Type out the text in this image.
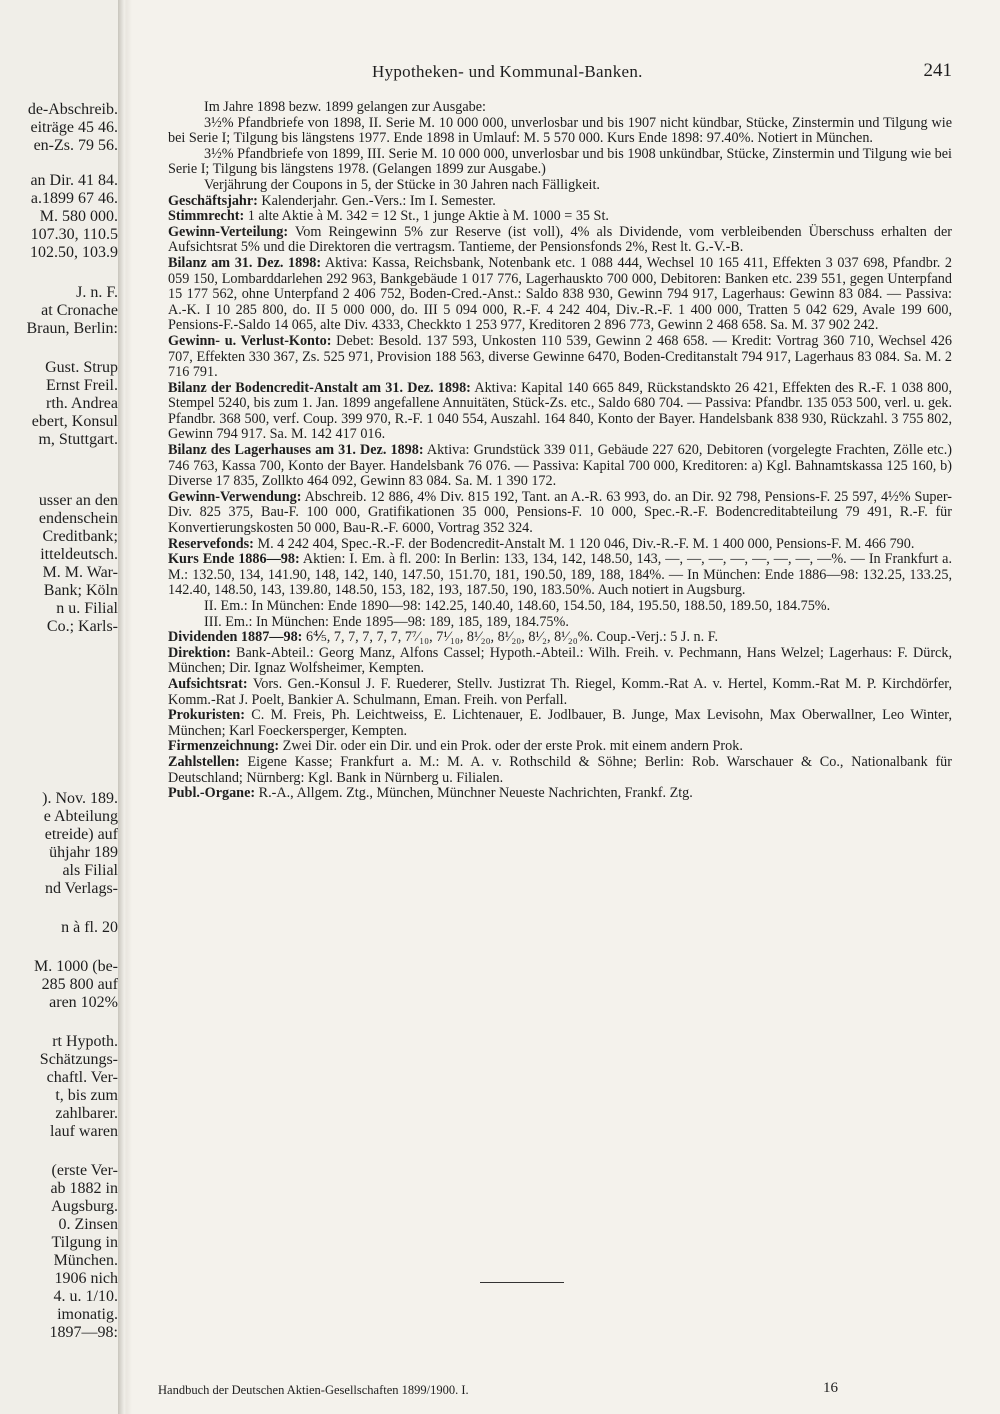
de-Abschreib.
eiträge 45 46.
en-Zs. 79 56.
an Dir. 41 84.
a.1899 67 46.
M. 580 000.
107.30, 110.5
102.50, 103.9
J. n. F.
at Cronache
Braun, Berlin:
Gust. Strup
Ernst Freil.
rth. Andrea
ebert, Konsul
m, Stuttgart.
usser an den
endenschein
Creditbank;
itteldeutsch.
M. M. War-
Bank; Köln
n u. Filial
Co.; Karls-
). Nov. 189.
e Abteilung
etreide) auf
ühjahr 189
als Filial
nd Verlags-
n à fl. 20
M. 1000 (be-
285 800 auf
aren 102%
rt Hypoth.
Schätzungs-
chaftl. Ver-
t, bis zum
zahlbarer.
lauf waren
(erste Ver-
ab 1882 in
Augsburg.
0. Zinsen
Tilgung in
München.
1906 nich
4. u. 1/10.
imonatig.
1897—98:
Hypotheken- und Kommunal-Banken.	241

Im Jahre 1898 bezw. 1899 gelangen zur Ausgabe:

3½% Pfandbriefe von 1898, II. Serie M. 10 000 000, unverlosbar und bis 1907 nicht kündbar, Stücke, Zinstermin und Tilgung wie bei Serie I; Tilgung bis längstens 1977. Ende 1898 in Umlauf: M. 5 570 000. Kurs Ende 1898: 97.40%. Notiert in München.

3½% Pfandbriefe von 1899, III. Serie M. 10 000 000, unverlosbar und bis 1908 unkündbar, Stücke, Zinstermin und Tilgung wie bei Serie I; Tilgung bis längstens 1978. (Gelangen 1899 zur Ausgabe.)

Verjährung der Coupons in 5, der Stücke in 30 Jahren nach Fälligkeit.

Geschäftsjahr: Kalenderjahr. Gen.-Vers.: Im I. Semester.

Stimmrecht: 1 alte Aktie à M. 342 = 12 St., 1 junge Aktie à M. 1000 = 35 St.

Gewinn-Verteilung: Vom Reingewinn 5% zur Reserve (ist voll), 4% als Dividende, vom verbleibenden Überschuss erhalten der Aufsichtsrat 5% und die Direktoren die vertragsm. Tantieme, der Pensionsfonds 2%, Rest lt. G.-V.-B.

Bilanz am 31. Dez. 1898: Aktiva: Kassa, Reichsbank, Notenbank etc. 1 088 444, Wechsel 10 165 411, Effekten 3 037 698, Pfandbr. 2 059 150, Lombarddarlehen 292 963, Bankgebäude 1 017 776, Lagerhauskto 700 000, Debitoren: Banken etc. 239 551, gegen Unterpfand 15 177 562, ohne Unterpfand 2 406 752, Boden-Cred.-Anst.: Saldo 838 930, Gewinn 794 917, Lagerhaus: Gewinn 83 084. — Passiva: A.-K. I 10 285 800, do. II 5 000 000, do. III 5 094 000, R.-F. 4 242 404, Div.-R.-F. 1 400 000, Tratten 5 042 629, Avale 199 600, Pensions-F.-Saldo 14 065, alte Div. 4333, Checkkto 1 253 977, Kreditoren 2 896 773, Gewinn 2 468 658. Sa. M. 37 902 242.

Gewinn- u. Verlust-Konto: Debet: Besold. 137 593, Unkosten 110 539, Gewinn 2 468 658. — Kredit: Vortrag 360 710, Wechsel 426 707, Effekten 330 367, Zs. 525 971, Provision 188 563, diverse Gewinne 6470, Boden-Creditanstalt 794 917, Lagerhaus 83 084. Sa. M. 2 716 791.

Bilanz der Bodencredit-Anstalt am 31. Dez. 1898: Aktiva: Kapital 140 665 849, Rückstandskto 26 421, Effekten des R.-F. 1 038 800, Stempel 5240, bis zum 1. Jan. 1899 angefallene Annuitäten, Stück-Zs. etc., Saldo 680 704. — Passiva: Pfandbr. 135 053 500, verl. u. gek. Pfandbr. 368 500, verf. Coup. 399 970, R.-F. 1 040 554, Auszahl. 164 840, Konto der Bayer. Handelsbank 838 930, Rückzahl. 3 755 802, Gewinn 794 917. Sa. M. 142 417 016.

Bilanz des Lagerhauses am 31. Dez. 1898: Aktiva: Grundstück 339 011, Gebäude 227 620, Debitoren (vorgelegte Frachten, Zölle etc.) 746 763, Kassa 700, Konto der Bayer. Handelsbank 76 076. — Passiva: Kapital 700 000, Kreditoren: a) Kgl. Bahnamtskassa 125 160, b) Diverse 17 835, Zollkto 464 092, Gewinn 83 084. Sa. M. 1 390 172.

Gewinn-Verwendung: Abschreib. 12 886, 4% Div. 815 192, Tant. an A.-R. 63 993, do. an Dir. 92 798, Pensions-F. 25 597, 4½% Super-Div. 825 375, Bau-F. 100 000, Gratifikationen 35 000, Pensions-F. 10 000, Spec.-R.-F. Bodencreditabteilung 79 491, R.-F. für Konvertierungskosten 50 000, Bau-R.-F. 6000, Vortrag 352 324.

Reservefonds: M. 4 242 404, Spec.-R.-F. der Bodencredit-Anstalt M. 1 120 046, Div.-R.-F. M. 1 400 000, Pensions-F. M. 466 790.

Kurs Ende 1886—98: Aktien: I. Em. à fl. 200: In Berlin: 133, 134, 142, 148.50, 143, —, —, —, —, —, —, —, —%. — In Frankfurt a. M.: 132.50, 134, 141.90, 148, 142, 140, 147.50, 151.70, 181, 190.50, 189, 188, 184%. — In München: Ende 1886—98: 132.25, 133.25, 142.40, 148.50, 143, 139.80, 148.50, 153, 182, 193, 187.50, 190, 183.50%. Auch notiert in Augsburg.

II. Em.: In München: Ende 1890—98: 142.25, 140.40, 148.60, 154.50, 184, 195.50, 188.50, 189.50, 184.75%.

III. Em.: In München: Ende 1895—98: 189, 185, 189, 184.75%.

Dividenden 1887—98: 6⅘, 7, 7, 7, 7, 7, 7⁷⁄₁₀, 7¹⁄₁₀, 8¹⁄₂₀, 8¹⁄₂₀, 8¹⁄₂, 8¹⁄₂₀%. Coup.-Verj.: 5 J. n. F.

Direktion: Bank-Abteil.: Georg Manz, Alfons Cassel; Hypoth.-Abteil.: Wilh. Freih. v. Pechmann, Hans Welzel; Lagerhaus: F. Dürck, München; Dir. Ignaz Wolfsheimer, Kempten.

Aufsichtsrat: Vors. Gen.-Konsul J. F. Ruederer, Stellv. Justizrat Th. Riegel, Komm.-Rat A. v. Hertel, Komm.-Rat M. P. Kirchdörfer, Komm.-Rat J. Poelt, Bankier A. Schulmann, Eman. Freih. von Perfall.

Prokuristen: C. M. Freis, Ph. Leichtweiss, E. Lichtenauer, E. Jodlbauer, B. Junge, Max Levisohn, Max Oberwallner, Leo Winter, München; Karl Foeckersperger, Kempten.

Firmenzeichnung: Zwei Dir. oder ein Dir. und ein Prok. oder der erste Prok. mit einem andern Prok.

Zahlstellen: Eigene Kasse; Frankfurt a. M.: M. A. v. Rothschild & Söhne; Berlin: Rob. Warschauer & Co., Nationalbank für Deutschland; Nürnberg: Kgl. Bank in Nürnberg u. Filialen.

Publ.-Organe: R.-A., Allgem. Ztg., München, Münchner Neueste Nachrichten, Frankf. Ztg.

Handbuch der Deutschen Aktien-Gesellschaften 1899/1900. I.	16
